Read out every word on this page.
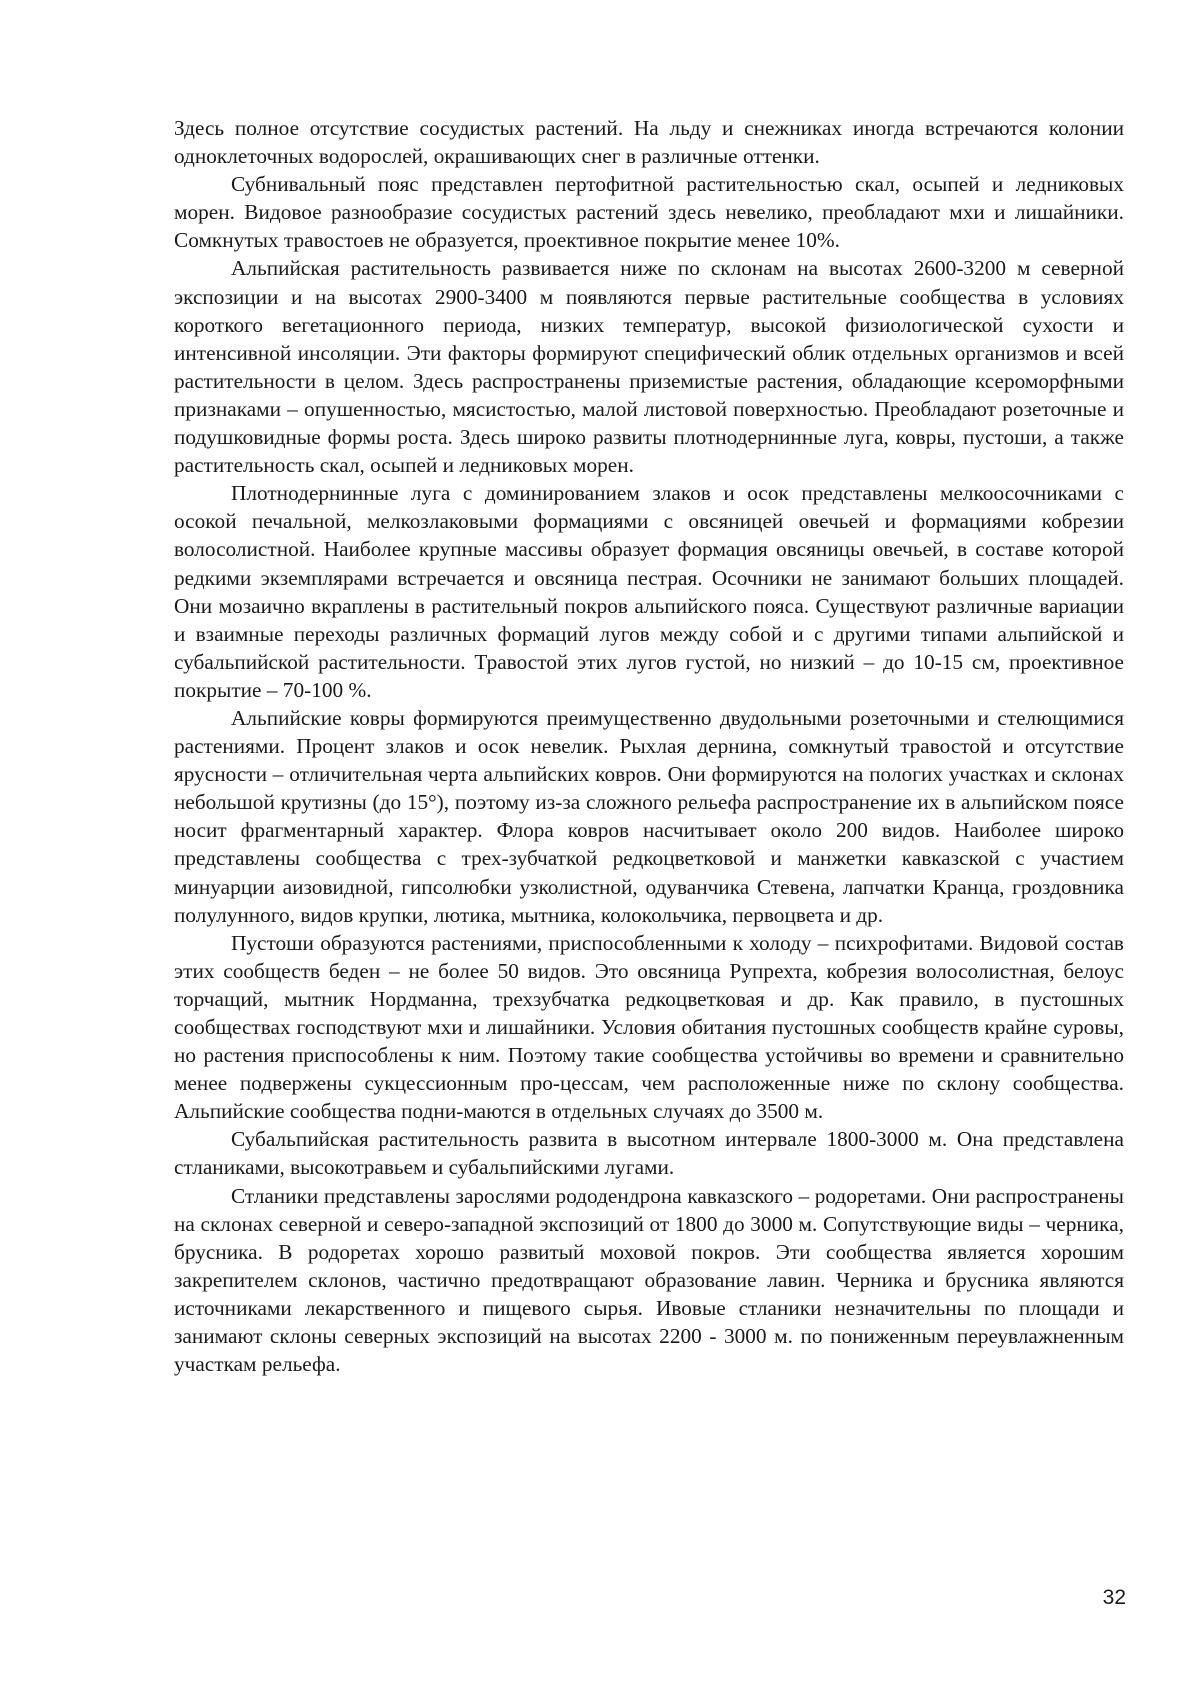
Здесь полное отсутствие сосудистых растений. На льду и снежниках иногда встречаются колонии одноклеточных водорослей, окрашивающих снег в различные оттенки.

Субнивальный пояс представлен пертофитной растительностью скал, осыпей и ледниковых морен. Видовое разнообразие сосудистых растений здесь невелико, преобладают мхи и лишайники. Сомкнутых травостоев не образуется, проективное покрытие менее 10%.

Альпийская растительность развивается ниже по склонам на высотах 2600-3200 м северной экспозиции и на высотах 2900-3400 м появляются первые растительные сообщества в условиях короткого вегетационного периода, низких температур, высокой физиологической сухости и интенсивной инсоляции. Эти факторы формируют специфический облик отдельных организмов и всей растительности в целом. Здесь распространены приземистые растения, обладающие ксероморфными признаками – опушенностью, мясистостью, малой листовой поверхностью. Преобладают розеточные и подушковидные формы роста. Здесь широко развиты плотнодернинные луга, ковры, пустоши, а также растительность скал, осыпей и ледниковых морен.

Плотнодернинные луга с доминированием злаков и осок представлены мелкоосочниками с осокой печальной, мелкозлаковыми формациями с овсяницей овечьей и формациями кобрезии волосолистной. Наиболее крупные массивы образует формация овсяницы овечьей, в составе которой редкими экземплярами встречается и овсяница пестрая. Осочники не занимают больших площадей. Они мозаично вкраплены в растительный покров альпийского пояса. Существуют различные вариации и взаимные переходы различных формаций лугов между собой и с другими типами альпийской и субальпийской растительности. Травостой этих лугов густой, но низкий – до 10-15 см, проективное покрытие – 70-100 %.

Альпийские ковры формируются преимущественно двудольными розеточными и стелющимися растениями. Процент злаков и осок невелик. Рыхлая дернина, сомкнутый травостой и отсутствие ярусности – отличительная черта альпийских ковров. Они формируются на пологих участках и склонах небольшой крутизны (до 15°), поэтому из-за сложного рельефа распространение их в альпийском поясе носит фрагментарный характер. Флора ковров насчитывает около 200 видов. Наиболее широко представлены сообщества с трех-зубчаткой редкоцветковой и манжетки кавказской с участием минуарции аизовидной, гипсолюбки узколистной, одуванчика Стевена, лапчатки Кранца, гроздовника полулунного, видов крупки, лютика, мытника, колокольчика, первоцвета и др.

Пустоши образуются растениями, приспособленными к холоду – психрофитами. Видовой состав этих сообществ беден – не более 50 видов. Это овсяница Рупрехта, кобрезия волосолистная, белоус торчащий, мытник Нордманна, трехзубчатка редкоцветковая и др. Как правило, в пустошных сообществах господствуют мхи и лишайники. Условия обитания пустошных сообществ крайне суровы, но растения приспособлены к ним. Поэтому такие сообщества устойчивы во времени и сравнительно менее подвержены сукцессионным про-цессам, чем расположенные ниже по склону сообщества. Альпийские сообщества подни-маются в отдельных случаях до 3500 м.

Субальпийская растительность развита в высотном интервале 1800-3000 м. Она представлена стланиками, высокотравьем и субальпийскими лугами.

Стланики представлены зарослями рододендрона кавказского – родоретами. Они распространены на склонах северной и северо-западной экспозиций от 1800 до 3000 м. Сопутствующие виды – черника, брусника. В родоретах хорошо развитый моховой покров. Эти сообщества является хорошим закрепителем склонов, частично предотвращают образование лавин. Черника и брусника являются источниками лекарственного и пищевого сырья. Ивовые стланики незначительны по площади и занимают склоны северных экспозиций на высотах 2200 - 3000 м. по пониженным переувлажненным участкам рельефа.

32
